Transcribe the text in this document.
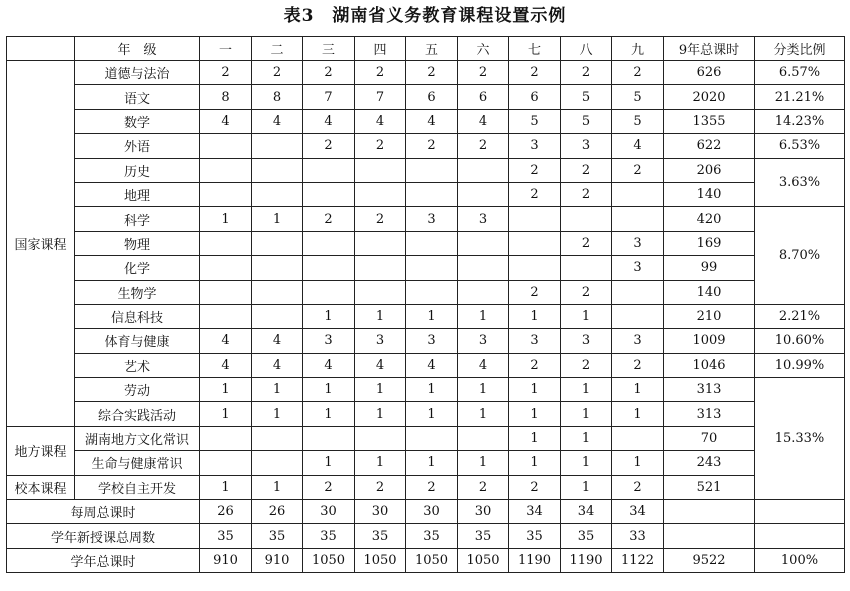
表3　湖南省义务教育课程设置示例
	年　级	一	二	三	四	五	六	七	八	九	9年总课时	分类比例	
国家课程	道德与法治	2	2	2	2	2	2	2	2	2	626	6.57%	
	语文	8	8	7	7	6	6	6	5	5	2020	21.21%	
	数学	4	4	4	4	4	4	5	5	5	1355	14.23%	
	外语			2	2	2	2	3	3	4	622	6.53%	
	历史							2	2	2	206	3.63%	
	地理							2	2		140		
	科学	1	1	2	2	3	3				420	8.70%	
	物理								2	3	169		
	化学									3	99		
	生物学							2	2		140		
	信息科技			1	1	1	1	1	1		210	2.21%	
	体育与健康	4	4	3	3	3	3	3	3	3	1009	10.60%	
	艺术	4	4	4	4	4	4	2	2	2	1046	10.99%	
	劳动	1	1	1	1	1	1	1	1	1	313	15.33%	
	综合实践活动	1	1	1	1	1	1	1	1	1	313		
地方课程	湖南地方文化常识							1	1		70		
	生命与健康常识			1	1	1	1	1	1	1	243		
校本课程	学校自主开发	1	1	2	2	2	2	2	1	2	521		
每周总课时		26	26	30	30	30	30	34	34	34			
学年新授课总周数		35	35	35	35	35	35	35	35	33			
学年总课时		910	910	1050	1050	1050	1050	1190	1190	1122	9522	100%	
